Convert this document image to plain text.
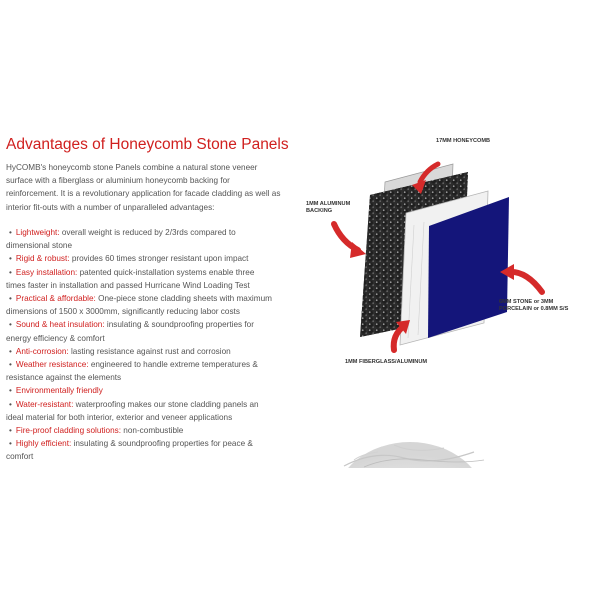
Advantages of Honeycomb Stone Panels

HyCOMB's honeycomb stone Panels combine a natural stone veneer surface with a fiberglass or aluminium honeycomb backing for reinforcement. It is a revolutionary application for facade cladding as well as interior fit-outs with a number of unparalleled advantages:

• Lightweight: overall weight is reduced by 2/3rds compared to dimensional stone
• Rigid & robust: provides 60 times stronger resistant upon impact
• Easy installation: patented quick-installation systems enable three times faster in installation and passed Hurricane Wind Loading Test
• Practical & affordable: One-piece stone cladding sheets with maximum dimensions of 1500 x 3000mm, significantly reducing labor costs
• Sound & heat insulation: insulating & soundproofing properties for energy efficiency & comfort
• Anti-corrosion: lasting resistance against rust and corrosion
• Weather resistance: engineered to handle extreme temperatures & resistance against the elements
• Environmentally friendly
• Water-resistant: waterproofing makes our stone cladding panels an ideal material for both interior, exterior and veneer applications
• Fire-proof cladding solutions: non-combustible
• Highly efficient: insulating & soundproofing properties for peace & comfort
17MM HONEYCOMB
1MM ALUMINUM
BACKING
6MM STONE or 3MM
PORCELAIN or 0.8MM S/S
1MM FIBERGLASS/ALUMINUM
